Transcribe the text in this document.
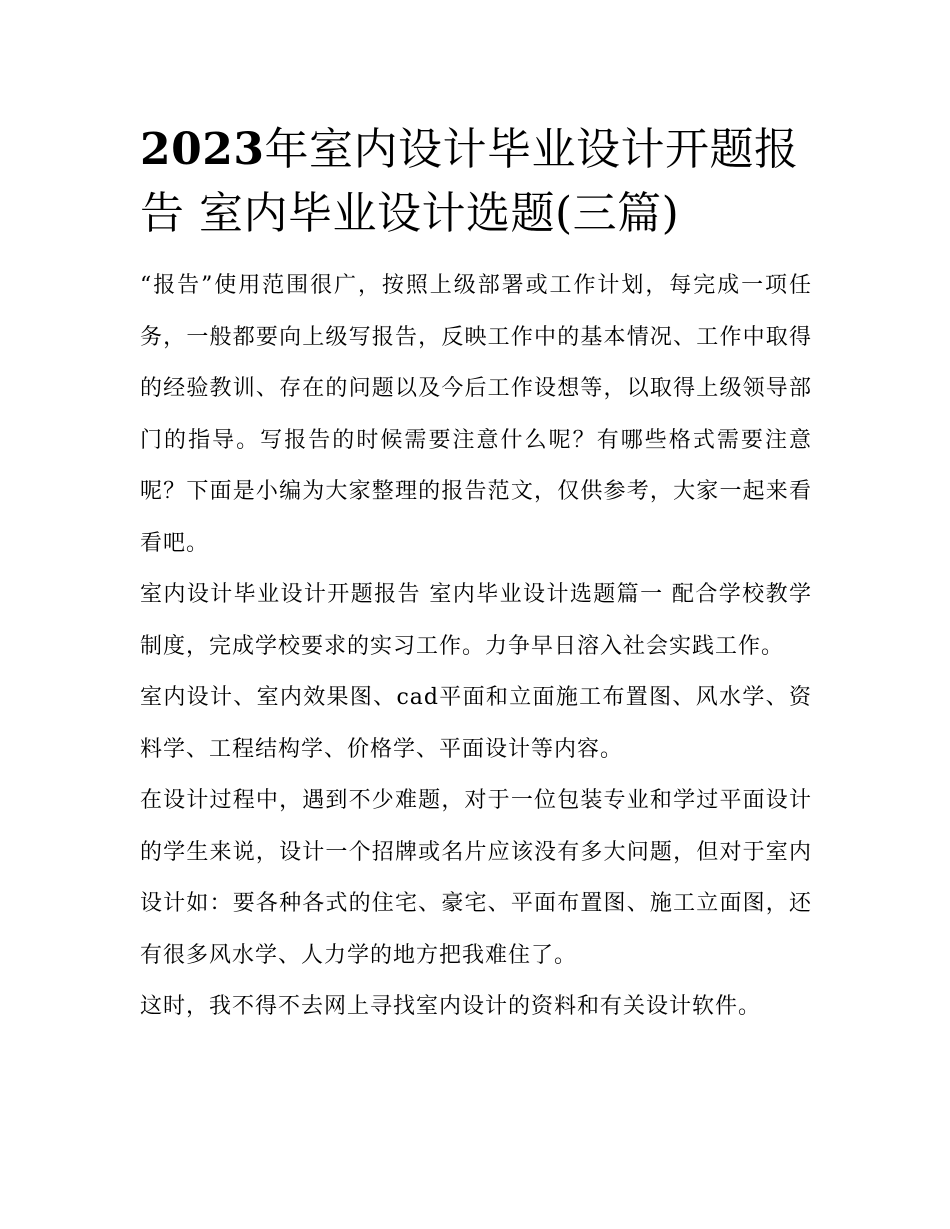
2023年室内设计毕业设计开题报告 室内毕业设计选题(三篇)

“报告”使用范围很广，按照上级部署或工作计划，每完成一项任务，一般都要向上级写报告，反映工作中的基本情况、工作中取得的经验教训、存在的问题以及今后工作设想等，以取得上级领导部门的指导。写报告的时候需要注意什么呢？有哪些格式需要注意呢？下面是小编为大家整理的报告范文，仅供参考，大家一起来看看吧。

室内设计毕业设计开题报告 室内毕业设计选题篇一 配合学校教学制度，完成学校要求的实习工作。力争早日溶入社会实践工作。

室内设计、室内效果图、cad平面和立面施工布置图、风水学、资料学、工程结构学、价格学、平面设计等内容。

在设计过程中，遇到不少难题，对于一位包装专业和学过平面设计的学生来说，设计一个招牌或名片应该没有多大问题，但对于室内设计如：要各种各式的住宅、豪宅、平面布置图、施工立面图，还有很多风水学、人力学的地方把我难住了。

这时，我不得不去网上寻找室内设计的资料和有关设计软件。
